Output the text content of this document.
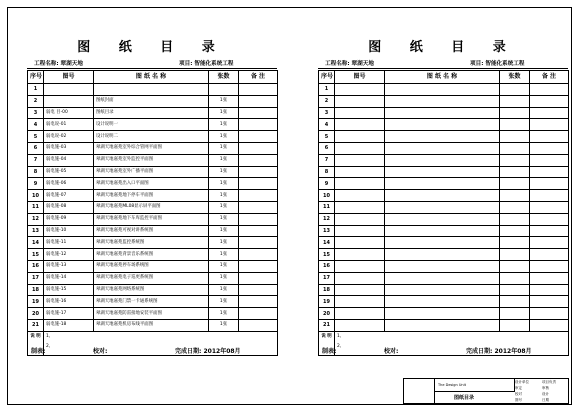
图 纸 目 录
工程名称: 翠湖天地	项目: 智能化系统工程
序号	图号	图 纸 名 称	张数	备 注
1				
2		图纸封面	1张	
3	弱电 目-00	图纸目录	1张	
4	弱电说-01	设计说明一	1张	
5	弱电说-02	设计说明二	1张	
6	弱电施-03	翠湖天地嘉苑室外综合管网平面图	1张	
7	弱电施-04	翠湖天地嘉苑室外监控平面图	1张	
8	弱电施-05	翠湖天地嘉苑室外广播平面图	1张	
9	弱电施-06	翠湖天地嘉苑出入口平面图	1张	
10	弱电施-07	翠湖天地嘉苑地下停车平面图	1张	
11	弱电施-08	翠湖天地嘉苑ML08显示屏平面图	1张	
12	弱电施-09	翠湖天地嘉苑地下车库监控平面图	1张	
13	弱电施-10	翠湖天地嘉苑可视对讲系统图	1张	
14	弱电施-11	翠湖天地嘉苑监控系统图	1张	
15	弱电施-12	翠湖天地嘉苑背景音乐系统图	1张	
16	弱电施-13	翠湖天地嘉苑停车场系统图	1张	
17	弱电施-14	翠湖天地嘉苑电子巡更系统图	1张	
18	弱电施-15	翠湖天地嘉苑网络系统图	1张	
19	弱电施-16	翠湖天地嘉苑门禁一卡通系统图	1张	
20	弱电施-17	翠湖天地嘉苑防雷接地安装平面图	1张	
21	弱电施-18	翠湖天地嘉苑机房布线平面图	1张	
说 明	1、
2、			
制表:	校对:	完成日期: 2012年08月
图 纸 目 录
工程名称: 翠湖天地	项目: 智能化系统工程
序号	图号	图 纸 名 称	张数	备 注
1				
2				
3				
4				
5				
6				
7				
8				
9				
10				
11				
12				
13				
14				
15				
16				
17				
18				
19				
20				
21				
说 明	1、
2、			
制表:	校对:	完成日期: 2012年08月
The Design Unit
图纸目录
设计单位	项目负责
审定	审核
校对	设计
图号	日期
